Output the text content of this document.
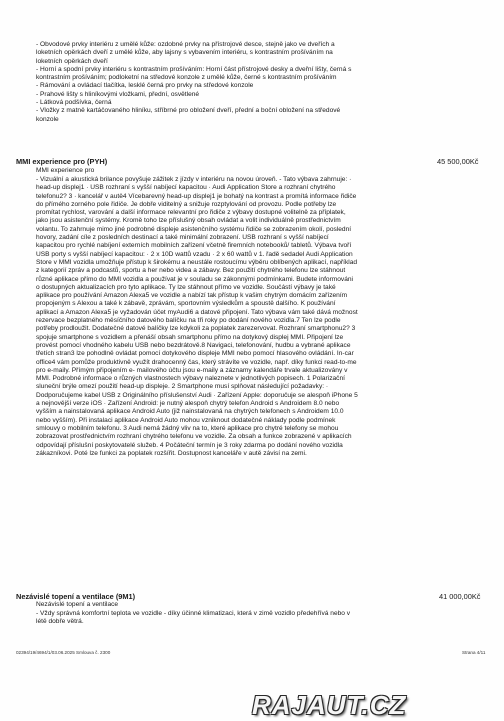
- Obvodové prvky interiéru z umělé kůže: ozdobné prvky na přístrojové desce, stejně jako ve dveřích a loketních opěrkách dveří z umělé kůže, aby lajsny s vybavením interiéru, s kontrastním prošíváním na loketních opěrkách dveří

- Horní a spodní prvky interiéru s kontrastním prošíváním: Horní část přístrojové desky a dveřní lišty, černá s kontrastním prošíváním; podloketní na středové konzole z umělé kůže, černé s kontrastním prošíváním

- Rámování a ovládací tlačítka, lesklé černá pro prvky na středové konzole

- Prahové lišty s hliníkovými vložkami, přední, osvětlené

- Látková podšívka, černá

- Vložky z matně kartáčovaného hliníku, stříbrné pro obložení dveří, přední a boční obložení na středové konzole

MMI experience pro (PYH)	45 500,00Kč
MMI experience pro
- Vizuální a akustická brilance povyšuje zážitek z jízdy v interiéru na novou úroveň. - Tato výbava zahrnuje: · head-up displej1 · USB rozhraní s vyšší nabíjecí kapacitou · Audi Application Store a rozhraní chytrého telefonu2? 3 · kancelář v autě4 Vícebarevný head-up displej1 je bohatý na kontrast a promítá informace řidiče do přímého zorného pole řidiče. Je dobře viditelný a snižuje rozptylování od provozu. Podle potřeby lze promítat rychlost, varování a další informace relevantní pro řidiče z výbavy dostupné volitelně za příplatek, jako jsou asistenční systémy. Kromě toho lze příslušný obsah ovládat a volit individuálně prostřednictvím volantu. To zahrnuje mimo jiné podrobné displeje asistenčního systému řidiče se zobrazením okolí, poslední hovory, zadání cíle z posledních destinací a také minimální zobrazení. USB rozhraní s vyšší nabíjecí kapacitou pro rychlé nabíjení externích mobilních zařízení včetně firemních notebooků/ tabletů. Výbava tvoří USB porty s vyšší nabíjecí kapacitou: · 2 x 10D wattů vzadu · 2 x 60 wattů v 1. řadě sedadel Audi Application Store v MMI vozidla umožňuje přístup k širokému a neustále rostoucímu výběru oblíbených aplikací, například z kategorií zpráv a podcastů, sportu a her nebo videa a zábavy. Bez použití chytrého telefonu lze stáhnout různé aplikace přímo do MMI vozidla a používat je v souladu se zákonnými podmínkami. Budete informováni o dostupných aktualizacích pro tyto aplikace. Ty lze stáhnout přímo ve vozidle. Součástí výbavy je také aplikace pro používání Amazon Alexa5 ve vozidle a nabízí tak přístup k vašim chytrým domácím zařízením propojeným s Alexou a také k zábavě, zprávám, sportovním výsledkům a spoustě dalšího. K používání aplikací a Amazon Alexa5 je vyžadován účet myAudi6 a datové připojení. Tato výbava vám také dává možnost rezervace bezplatného měsíčního datového balíčku na tři roky po dodání nového vozidla.7 Ten lze podle potřeby prodloužit. Dodatečné datové balíčky lze kdykoli za poplatek zarezervovat. Rozhraní smartphonu2? 3 spojuje smartphone s vozidlem a přenáší obsah smartphonu přímo na dotykový displej MMI. Připojení lze provést pomocí vhodného kabelu USB nebo bezdrátově.8 Navigaci, telefonování, hudbu a vybrané aplikace třetích stran3 lze pohodlně ovládat pomocí dotykového displeje MMI nebo pomocí hlasového ovládání. In-car office4 vám pomůže produktivně využít drahocenný čas, který strávíte ve vozidle, např. díky funkci read-to-me pro e-maily. Přímým připojením e- mailového účtu jsou e-maily a záznamy kalendáře trvale aktualizovány v MMI. Podrobné informace o různých vlastnostech výbavy naleznete v jednotlivých popisech. 1 Polarizační sluneční brýle omezí použití head-up displeje. 2 Smartphone musí splňovat následující požadavky: · Dodporučujeme kabel USB z Originálního příslušenství Audi · Zařízení Apple: doporučuje se alespoň iPhone 5 a nejnovější verze iOS · Zařízení Android: je nutný alespoň chytrý telefon Android s Androidem 8.0 nebo vyšším a nainstalovaná aplikace Android Auto (již nainstalovaná na chytrých telefonech s Androidem 10.0 nebo vyšším). Při instalaci aplikace Android Auto mohou vzniknout dodatečné náklady podle podmínek smlouvy o mobilním telefonu. 3 Audi nemá žádný vliv na to, které aplikace pro chytré telefony se mohou zobrazovat prostřednictvím rozhraní chytrého telefonu ve vozidle. Za obsah a funkce zobrazené v aplikacích odpovídají příslušní poskytovatelé služeb. 4 Počáteční termín je 3 roky zdarma po dodání nového vozidla zákazníkovi. Poté lze funkci za poplatek rozšířit. Dostupnost kanceláře v autě závisí na zemi.
Nezávislé topení a ventilace (9M1)	41 000,00Kč
Nezávislé topení a ventilace
- Vždy správná komfortní teplota ve vozidle - díky účinné klimatizaci, která v zimě vozidlo předehřívá nebo v létě dobře větrá.
02394/19/4694/1/03.06.2025 Smlouva č. 2300	Strana 4/11
RAJAUT.CZ
